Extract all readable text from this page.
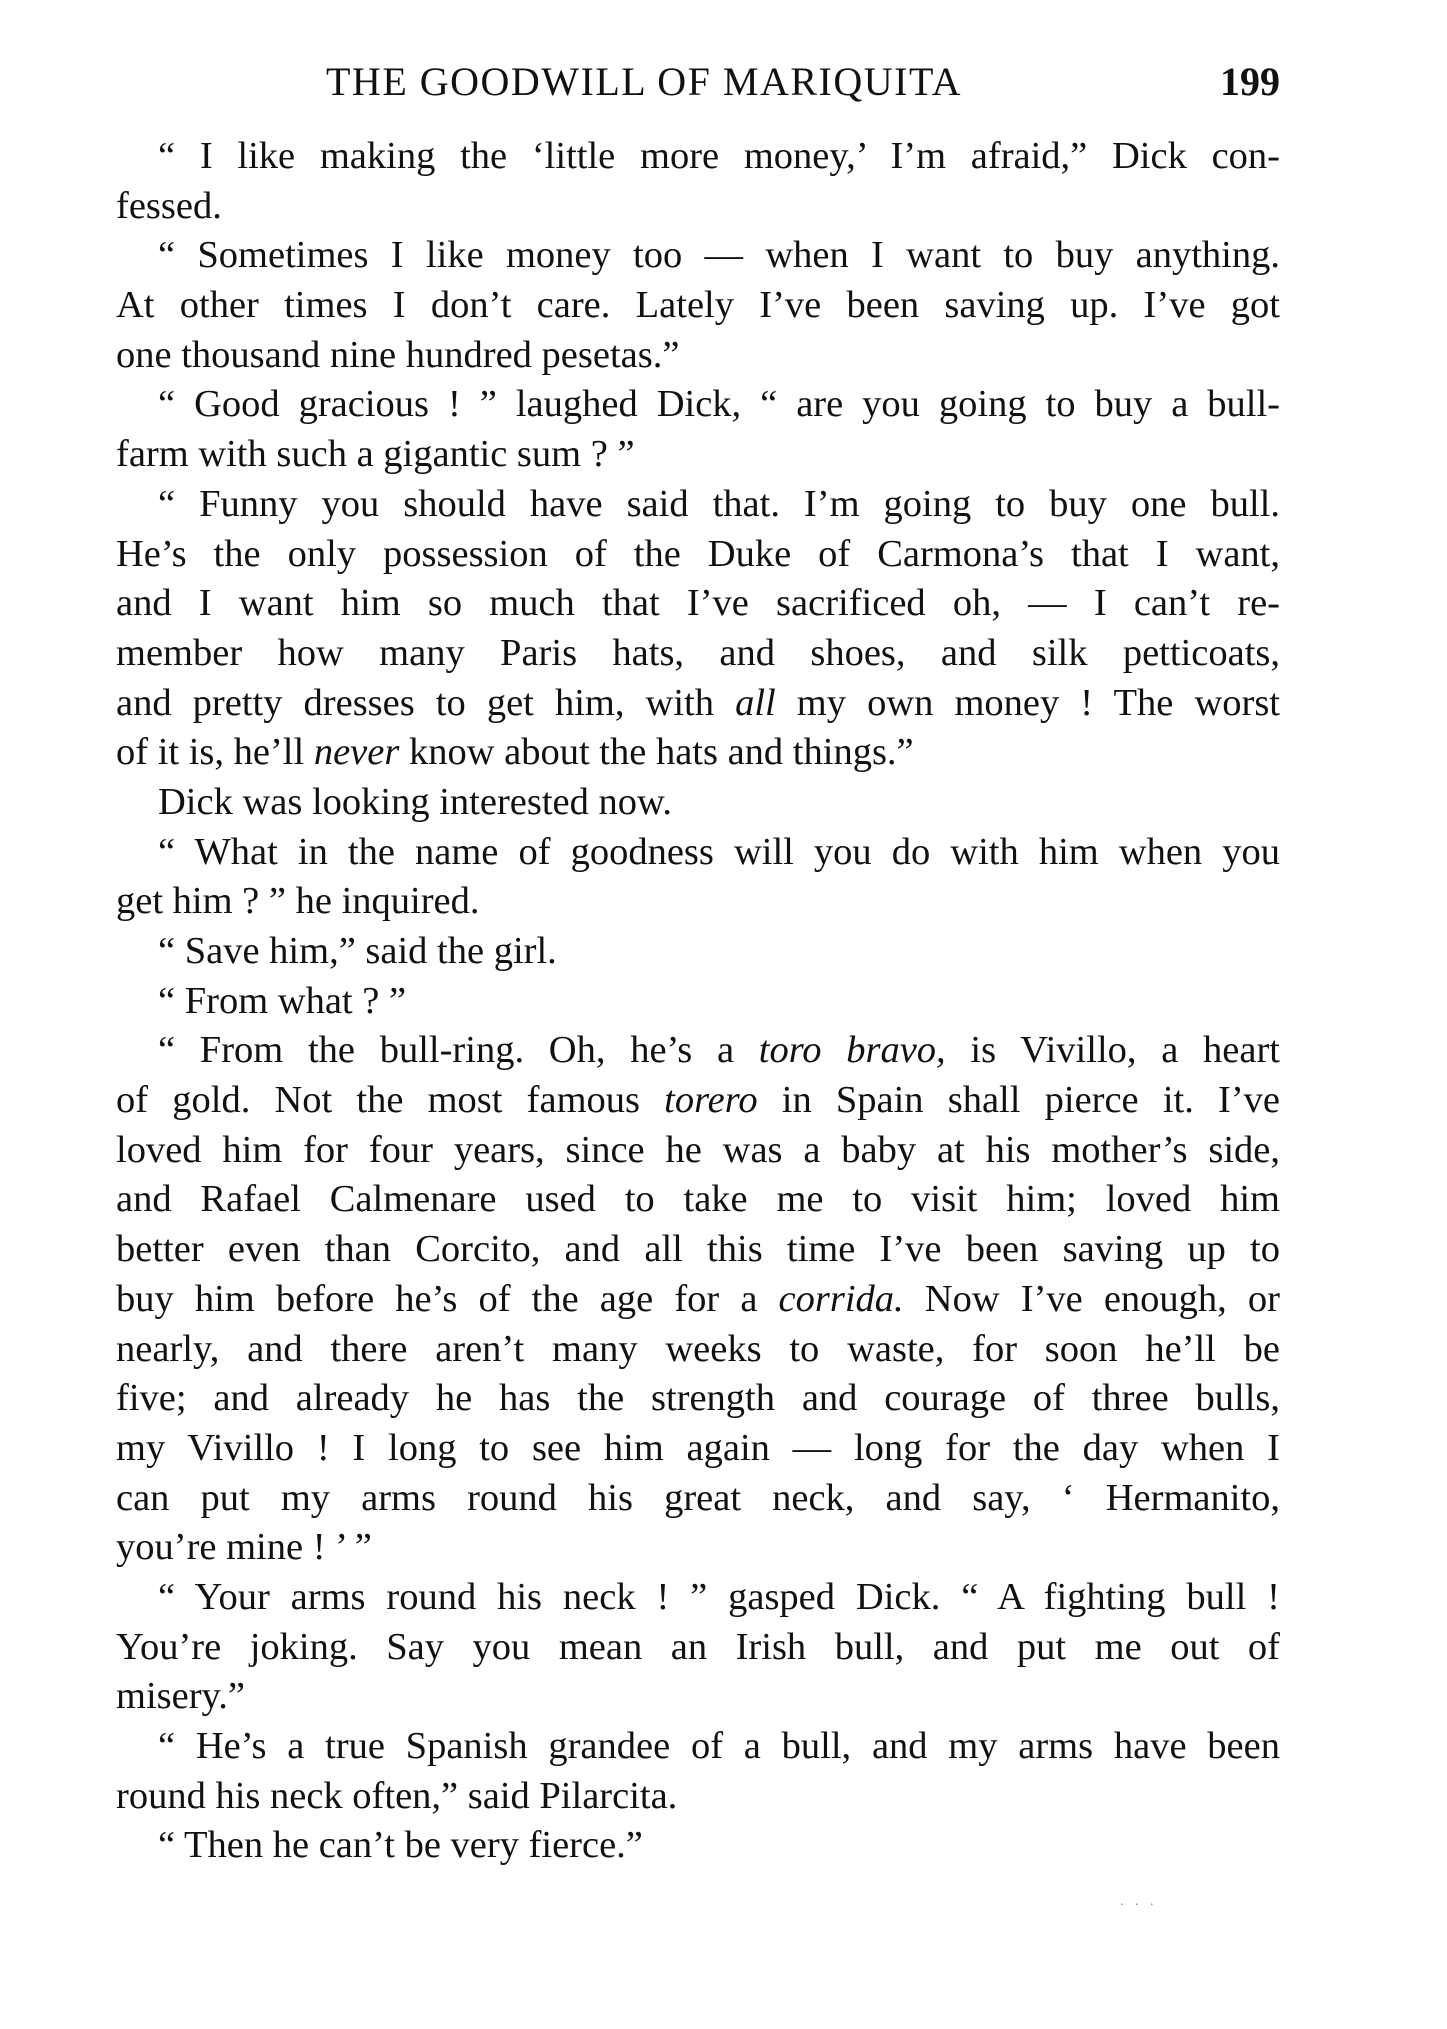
THE GOODWILL OF MARIQUITA	199
“ I like making the ‘little more money,’ I’m afraid,” Dick con-
fessed.
“ Sometimes I like money too — when I want to buy anything.
At other times I don’t care. Lately I’ve been saving up. I’ve got
one thousand nine hundred pesetas.”
“ Good gracious ! ” laughed Dick, “ are you going to buy a bull-
farm with such a gigantic sum ? ”
“ Funny you should have said that. I’m going to buy one bull.
He’s the only possession of the Duke of Carmona’s that I want,
and I want him so much that I’ve sacrificed oh, — I can’t re-
member how many Paris hats, and shoes, and silk petticoats,
and pretty dresses to get him, with all my own money ! The worst
of it is, he’ll never know about the hats and things.”
Dick was looking interested now.
“ What in the name of goodness will you do with him when you
get him ? ” he inquired.
“ Save him,” said the girl.
“ From what ? ”
“ From the bull-ring. Oh, he’s a toro bravo, is Vivillo, a heart
of gold. Not the most famous torero in Spain shall pierce it. I’ve
loved him for four years, since he was a baby at his mother’s side,
and Rafael Calmenare used to take me to visit him; loved him
better even than Corcito, and all this time I’ve been saving up to
buy him before he’s of the age for a corrida. Now I’ve enough, or
nearly, and there aren’t many weeks to waste, for soon he’ll be
five; and already he has the strength and courage of three bulls,
my Vivillo ! I long to see him again — long for the day when I
can put my arms round his great neck, and say, ‘ Hermanito,
you’re mine ! ’ ”
“ Your arms round his neck ! ” gasped Dick. “ A fighting bull !
You’re joking. Say you mean an Irish bull, and put me out of
misery.”
“ He’s a true Spanish grandee of a bull, and my arms have been
round his neck often,” said Pilarcita.
“ Then he can’t be very fierce.”
. . .
